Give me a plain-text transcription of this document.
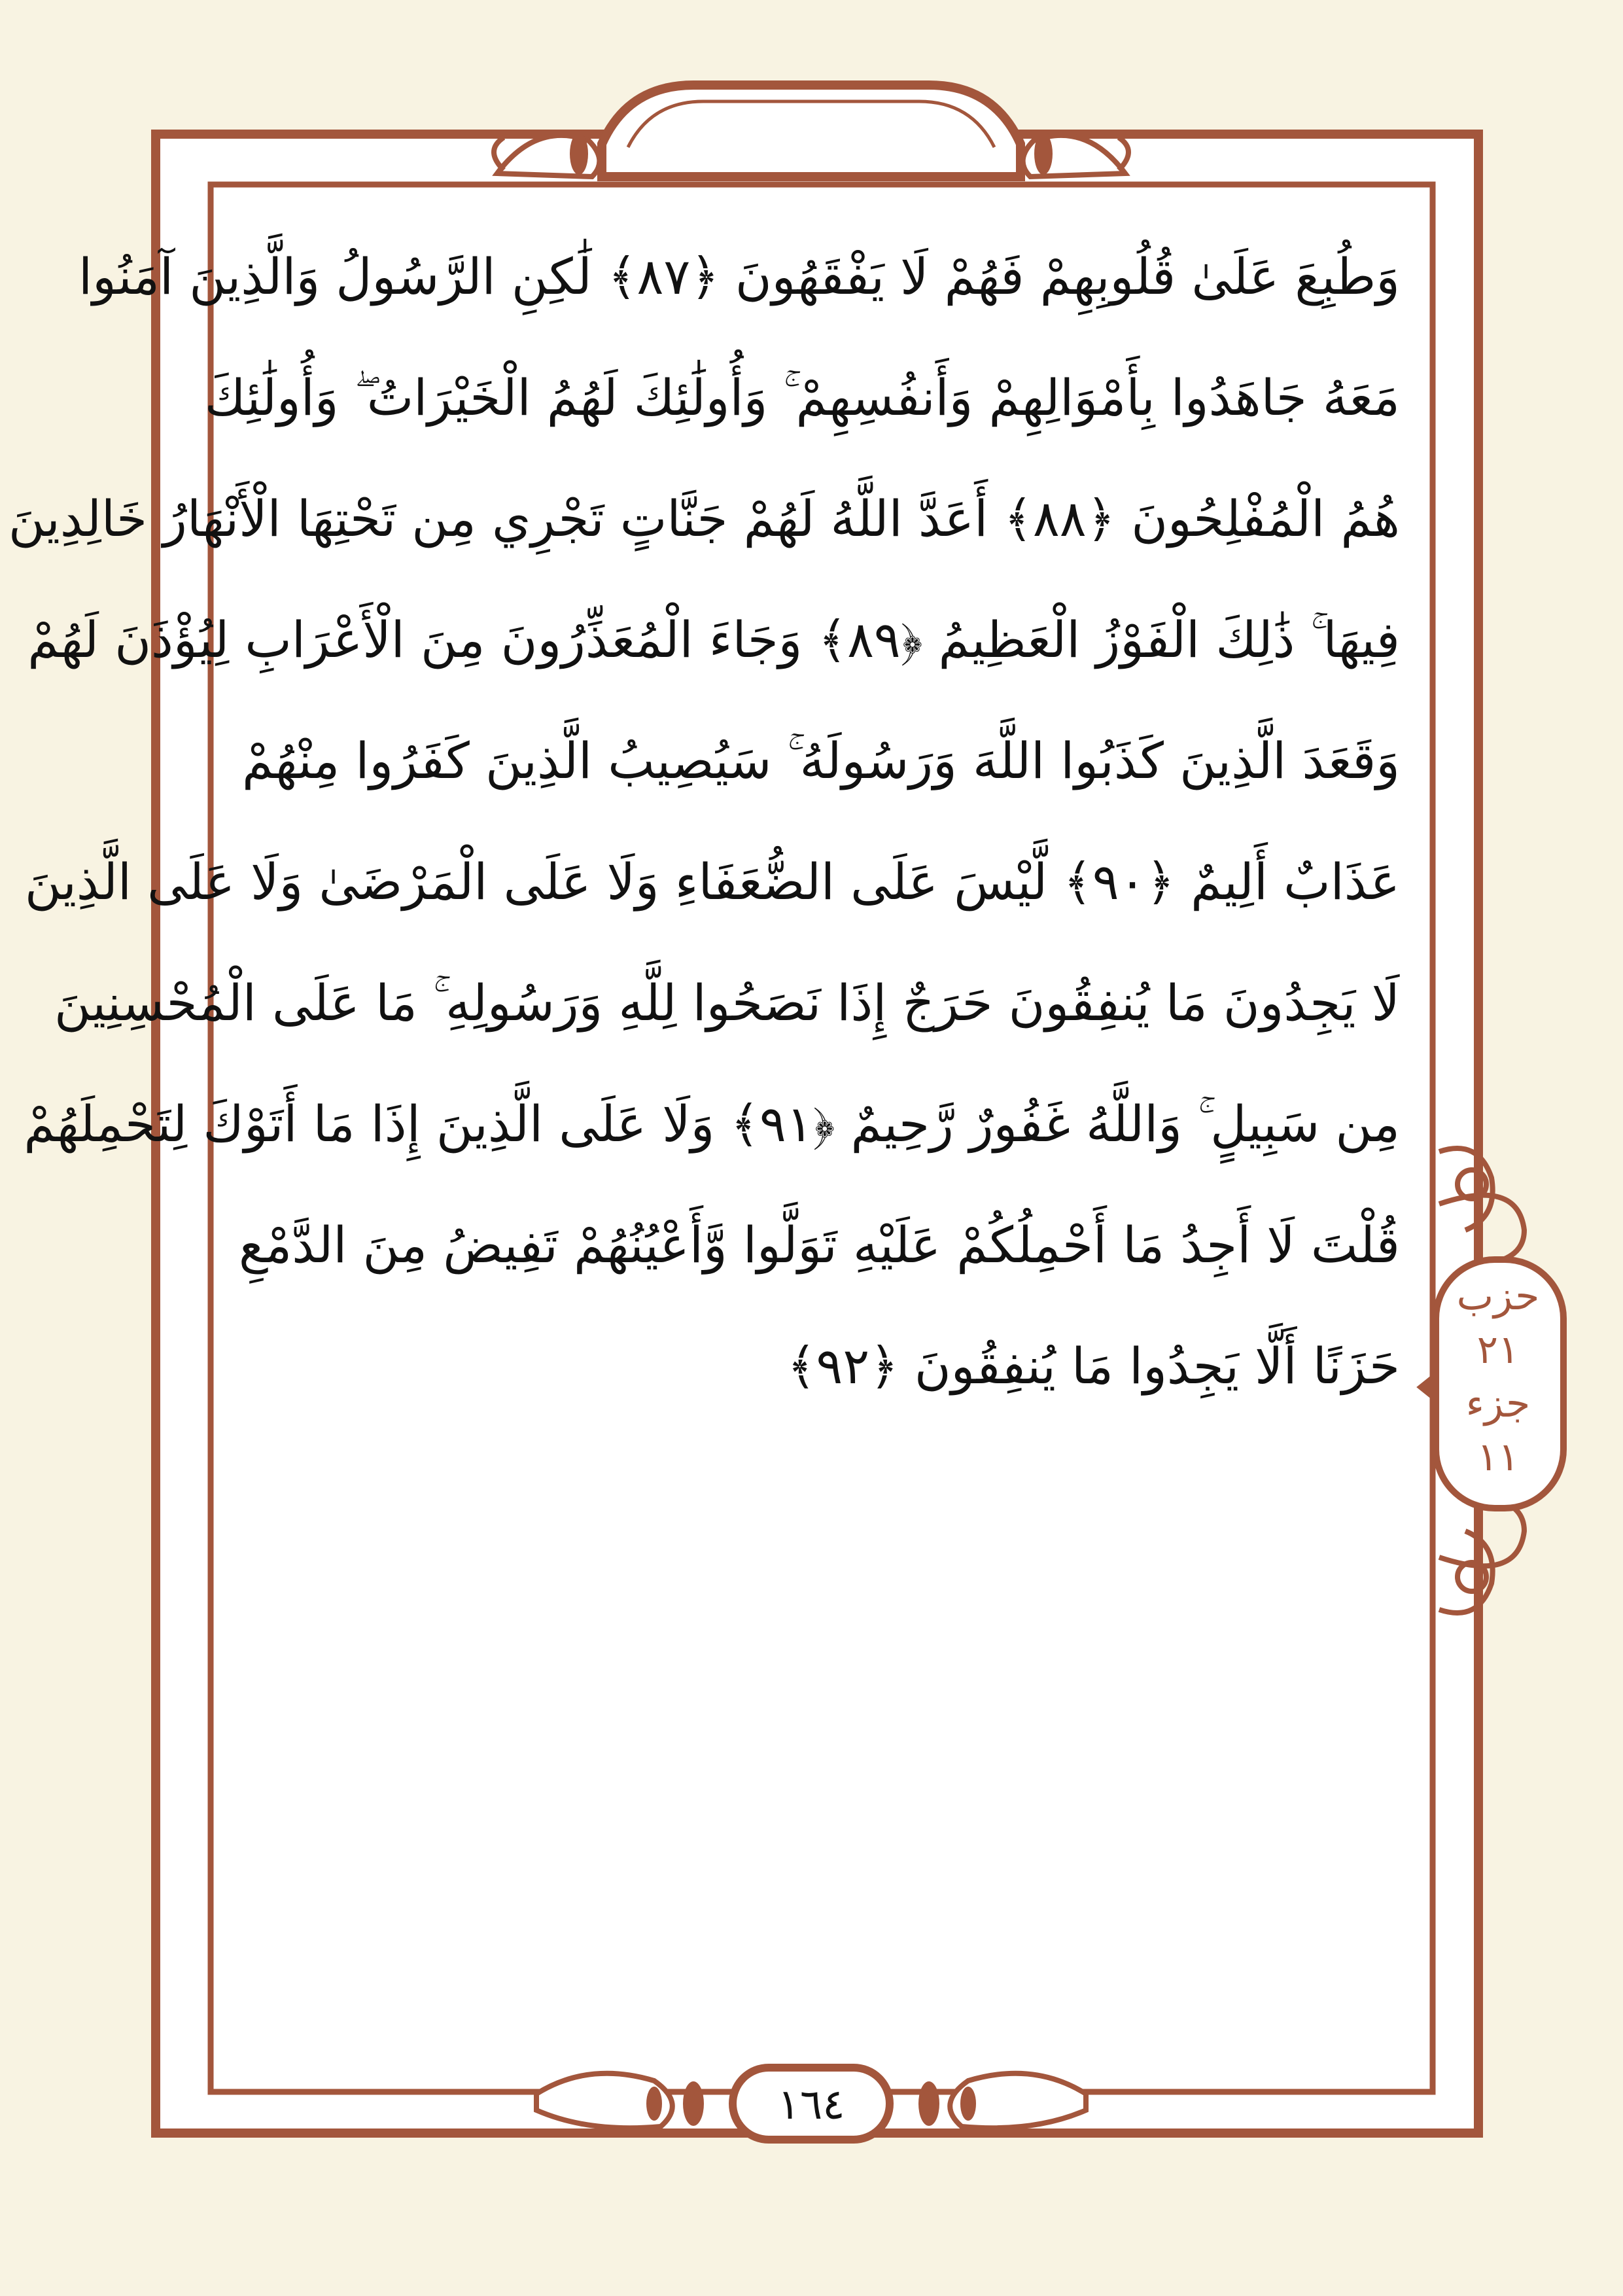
وَطُبِعَ عَلَىٰ قُلُوبِهِمْ فَهُمْ لَا يَفْقَهُونَ ﴿٨٧﴾ لَٰكِنِ الرَّسُولُ وَالَّذِينَ آمَنُوا
مَعَهُ جَاهَدُوا بِأَمْوَالِهِمْ وَأَنفُسِهِمْ ۚ وَأُولَٰئِكَ لَهُمُ الْخَيْرَاتُ ۖ وَأُولَٰئِكَ
هُمُ الْمُفْلِحُونَ ﴿٨٨﴾ أَعَدَّ اللَّهُ لَهُمْ جَنَّاتٍ تَجْرِي مِن تَحْتِهَا الْأَنْهَارُ خَالِدِينَ
فِيهَا ۚ ذَٰلِكَ الْفَوْزُ الْعَظِيمُ ﴿٨٩﴾ وَجَاءَ الْمُعَذِّرُونَ مِنَ الْأَعْرَابِ لِيُؤْذَنَ لَهُمْ
وَقَعَدَ الَّذِينَ كَذَبُوا اللَّهَ وَرَسُولَهُ ۚ سَيُصِيبُ الَّذِينَ كَفَرُوا مِنْهُمْ
عَذَابٌ أَلِيمٌ ﴿٩٠﴾ لَّيْسَ عَلَى الضُّعَفَاءِ وَلَا عَلَى الْمَرْضَىٰ وَلَا عَلَى الَّذِينَ
لَا يَجِدُونَ مَا يُنفِقُونَ حَرَجٌ إِذَا نَصَحُوا لِلَّهِ وَرَسُولِهِ ۚ مَا عَلَى الْمُحْسِنِينَ
مِن سَبِيلٍ ۚ وَاللَّهُ غَفُورٌ رَّحِيمٌ ﴿٩١﴾ وَلَا عَلَى الَّذِينَ إِذَا مَا أَتَوْكَ لِتَحْمِلَهُمْ
قُلْتَ لَا أَجِدُ مَا أَحْمِلُكُمْ عَلَيْهِ تَوَلَّوا وَّأَعْيُنُهُمْ تَفِيضُ مِنَ الدَّمْعِ
حَزَنًا أَلَّا يَجِدُوا مَا يُنفِقُونَ ﴿٩٢﴾
١٦٤
حزب
٢١
جزء
١١
